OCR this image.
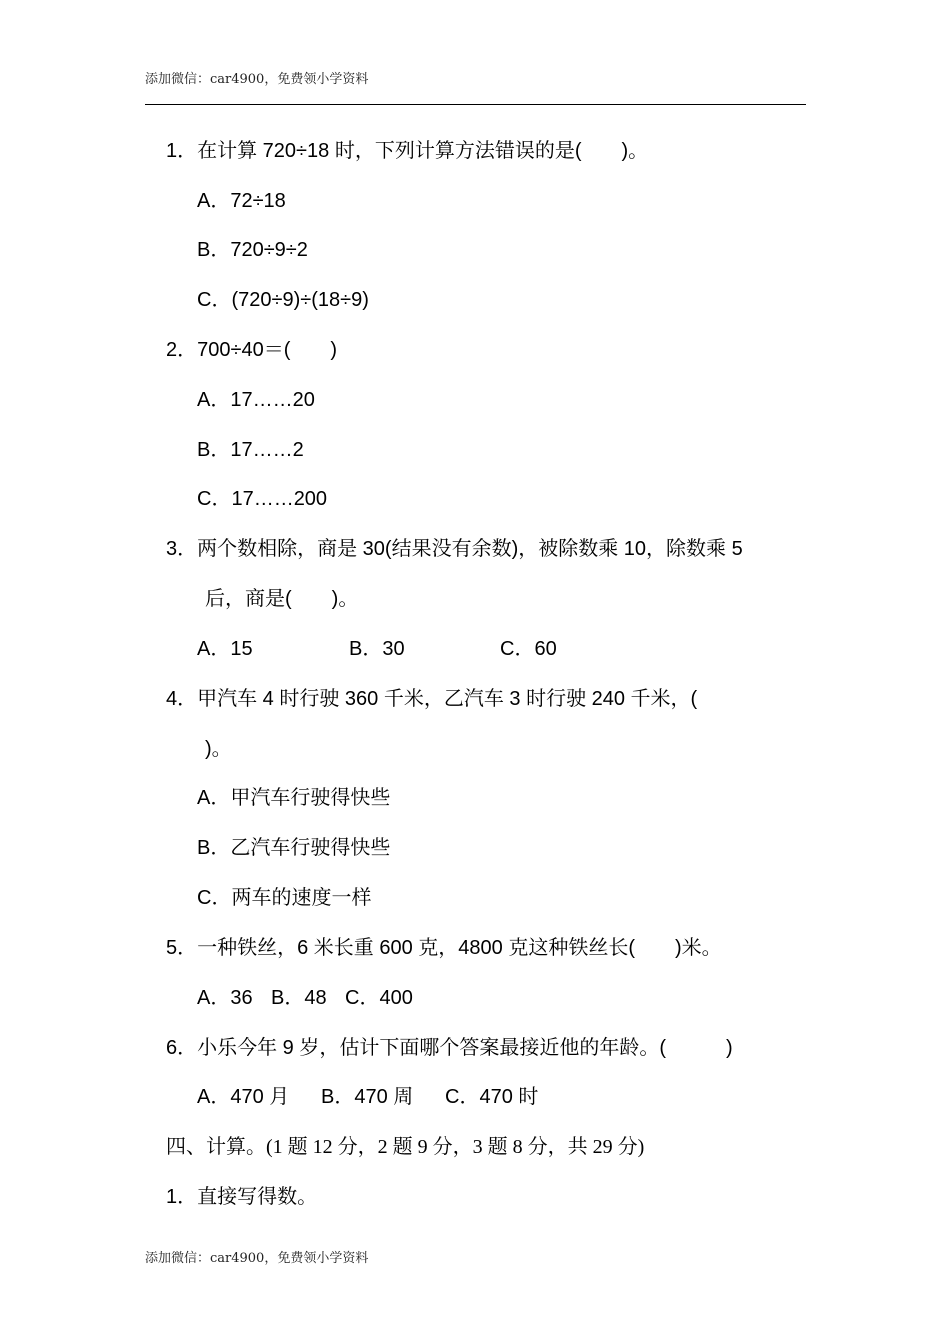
添加微信：car4900，免费领小学资料
1．在计算 720÷18 时，下列计算方法错误的是(　　)。
A．72÷18
B．720÷9÷2
C．(720÷9)÷(18÷9)
2．700÷40＝(　　)
A．17……20
B．17……2
C．17……200
3．两个数相除，商是 30(结果没有余数)，被除数乘 10，除数乘 5
后，商是(　　)。
A．15	B．30	C．60
4．甲汽车 4 时行驶 360 千米，乙汽车 3 时行驶 240 千米，(
)。
A．甲汽车行驶得快些
B．乙汽车行驶得快些
C．两车的速度一样
5．一种铁丝，6 米长重 600 克，4800 克这种铁丝长(　　)米。
A．36 B．48 C．400
6．小乐今年 9 岁，估计下面哪个答案最接近他的年龄。(　　　)
A．470 月 B．470 周 C．470 时
四、计算。(1 题 12 分，2 题 9 分，3 题 8 分，共 29 分)
1．直接写得数。
添加微信：car4900，免费领小学资料
